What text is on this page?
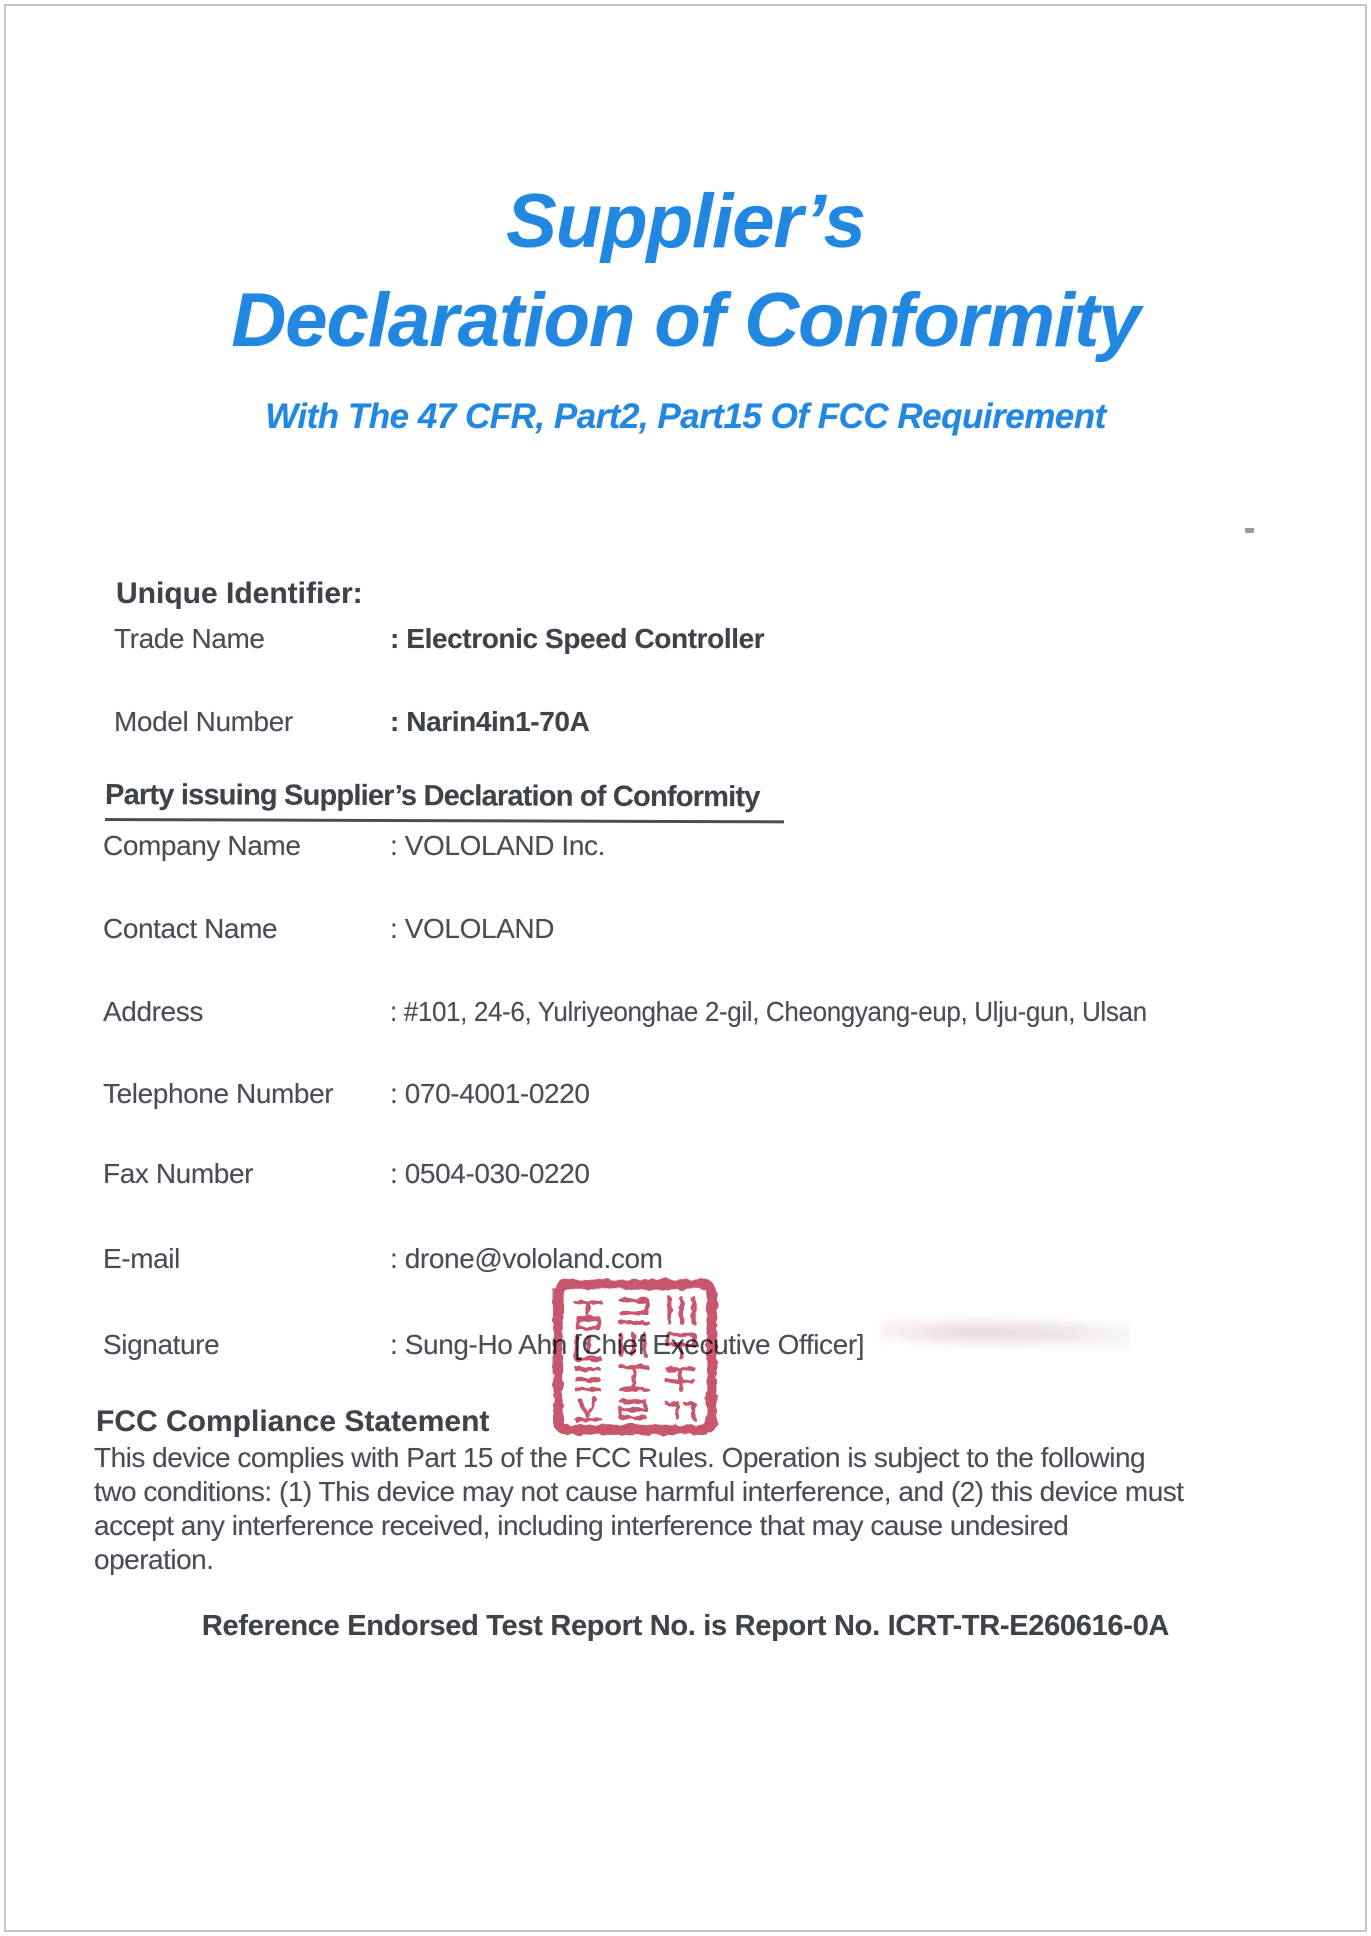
Supplier’s
Declaration of Conformity
With The 47 CFR, Part2, Part15 Of FCC Requirement
Unique Identifier:
Trade Name	: Electronic Speed Controller
Model Number	: Narin4in1-70A
Party issuing Supplier’s Declaration of Conformity
Company Name	: VOLOLAND Inc.
Contact Name	: VOLOLAND
Address	: #101, 24-6, Yulriyeonghae 2-gil, Cheongyang-eup, Ulju-gun, Ulsan
Telephone Number : 070-4001-0220
Fax Number	: 0504-030-0220
E-mail	: drone@vololand.com
Signature	: Sung-Ho Ahn [Chief Executive Officer]
FCC Compliance Statement
This device complies with Part 15 of the FCC Rules. Operation is subject to the following
two conditions: (1) This device may not cause harmful interference, and (2) this device must
accept any interference received, including interference that may cause undesired
operation.
Reference Endorsed Test Report No. is Report No. ICRT-TR-E260616-0A
